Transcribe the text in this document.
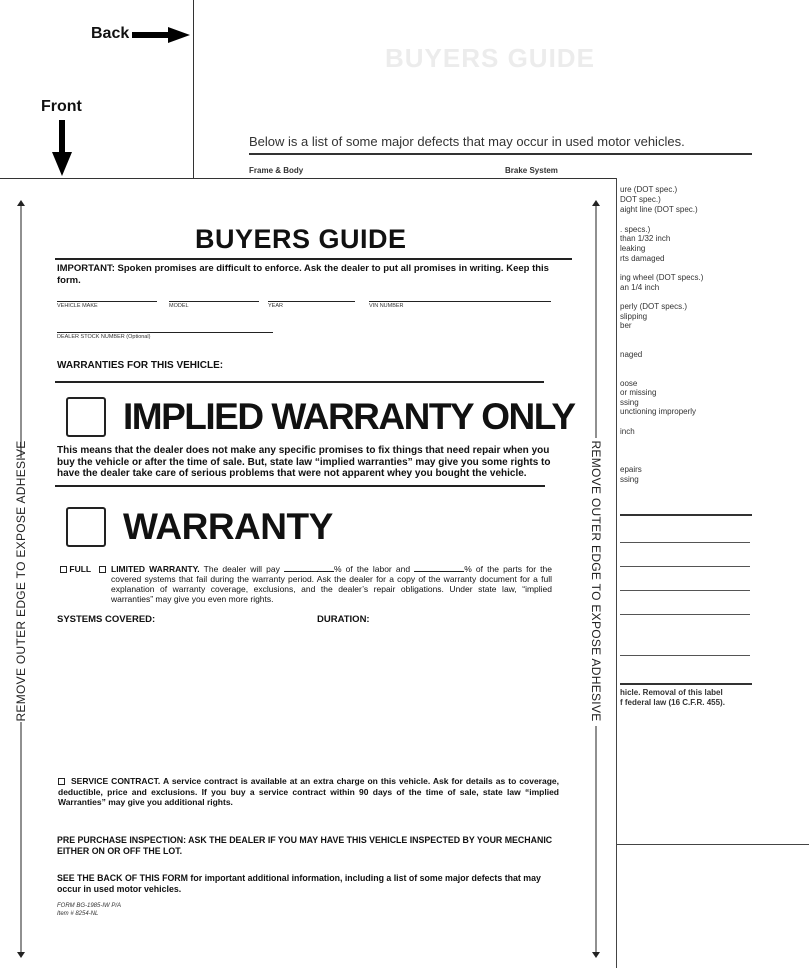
BUYERS GUIDE
Below is a list of some major defects that may occur in used motor vehicles.
Frame & Body	Brake System
ure (DOT spec.)
DOT spec.)
aight line (DOT spec.)
. specs.)
than 1/32 inch
leaking
rts damaged
ing wheel (DOT specs.)
an 1/4 inch
perly (DOT specs.)
slipping
ber
naged
oose
or missing
ssing
unctioning improperly
inch
epairs
ssing
hicle. Removal of this label
f federal law (16 C.F.R. 455).
Back
Front
REMOVE OUTER EDGE TO EXPOSE ADHESIVE	REMOVE OUTER EDGE TO EXPOSE ADHESIVE
BUYERS GUIDE
IMPORTANT: Spoken promises are difficult to enforce. Ask the dealer to put all promises in writing. Keep this form.
VEHICLE MAKE	MODEL	YEAR	VIN NUMBER
DEALER STOCK NUMBER (Optional)
WARRANTIES FOR THIS VEHICLE:
IMPLIED WARRANTY ONLY
This means that the dealer does not make any specific promises to fix things that need repair when you buy the vehicle or after the time of sale. But, state law “implied warranties” may give you some rights to have the dealer take care of serious problems that were not apparent whey you bought the vehicle.
WARRANTY
FULL	LIMITED WARRANTY. The dealer will pay	% of the labor and	% of the parts for the covered systems that fail during the warranty period. Ask the dealer for a copy of the warranty document for a full explanation of warranty coverage, exclusions, and the dealer’s repair obligations. Under state law, “implied warranties” may give you even more rights.
SYSTEMS COVERED:	DURATION:
SERVICE CONTRACT. A service contract is available at an extra charge on this vehicle. Ask for details as to coverage, deductible, price and exclusions. If you buy a service contract within 90 days of the time of sale, state law “implied Warranties” may give you additional rights.
PRE PURCHASE INSPECTION: ASK THE DEALER IF YOU MAY HAVE THIS VEHICLE INSPECTED BY YOUR MECHANIC EITHER ON OR OFF THE LOT.
SEE THE BACK OF THIS FORM for important additional information, including a list of some major defects that may occur in used motor vehicles.
FORM BG-1985-IW P/A
Item # 8254-NL
